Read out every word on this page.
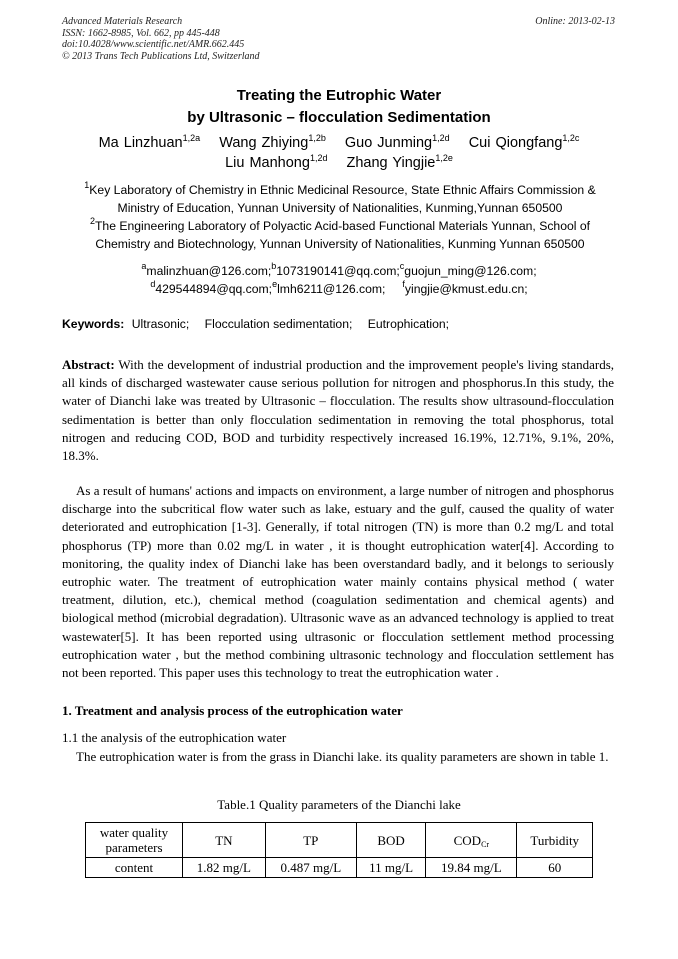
Advanced Materials Research
ISSN: 1662-8985, Vol. 662, pp 445-448
doi:10.4028/www.scientific.net/AMR.662.445
© 2013 Trans Tech Publications Ltd, Switzerland
Online: 2013-02-13
Treating the Eutrophic Water
by Ultrasonic – flocculation Sedimentation
Ma Linzhuan$^{1,2a}$ Wang Zhiying$^{1,2b}$ Guo Junming$^{1,2d}$ Cui Qiongfang$^{1,2c}$
Liu Manhong$^{1,2d}$ Zhang Yingjie$^{1,2e}$
$^1$Key Laboratory of Chemistry in Ethnic Medicinal Resource, State Ethnic Affairs Commission &
Ministry of Education, Yunnan University of Nationalities, Kunming,Yunnan 650500
$^2$The Engineering Laboratory of Polyactic Acid-based Functional Materials Yunnan, School of
Chemistry and Biotechnology, Yunnan University of Nationalities, Kunming Yunnan 650500
$^a$malinzhuan@126.com;$^b$1073190141@qq.com;$^c$guojun_ming@126.com;
$^d$429544894@qq.com;$^e$lmh6211@126.com; $^f$yingjie@kmust.edu.cn;
Keywords: Ultrasonic; Flocculation sedimentation; Eutrophication;
Abstract: With the development of industrial production and the improvement people's living standards, all kinds of discharged wastewater cause serious pollution for nitrogen and phosphorus.In this study, the water of Dianchi lake was treated by Ultrasonic – flocculation. The results show ultrasound-flocculation sedimentation is better than only flocculation sedimentation in removing the total phosphorus, total nitrogen and reducing COD, BOD and turbidity respectively increased 16.19%, 12.71%, 9.1%, 20%, 18.3%.
As a result of humans' actions and impacts on environment, a large number of nitrogen and phosphorus discharge into the subcritical flow water such as lake, estuary and the gulf, caused the quality of water deteriorated and eutrophication [1-3]. Generally, if total nitrogen (TN) is more than 0.2 mg/L and total phosphorus (TP) more than 0.02 mg/L in water , it is thought eutrophication water[4]. According to monitoring, the quality index of Dianchi lake has been overstandard badly, and it belongs to seriously eutrophic water. The treatment of eutrophication water mainly contains physical method ( water treatment, dilution, etc.), chemical method (coagulation sedimentation and chemical agents) and biological method (microbial degradation). Ultrasonic wave as an advanced technology is applied to treat wastewater[5]. It has been reported using ultrasonic or flocculation settlement method processing eutrophication water , but the method combining ultrasonic technology and flocculation settlement has not been reported. This paper uses this technology to treat the eutrophication water .
1. Treatment and analysis process of the eutrophication water
1.1 the analysis of the eutrophication water
The eutrophication water is from the grass in Dianchi lake. its quality parameters are shown in table 1.
Table.1 Quality parameters of the Dianchi lake
water quality
parameters	TN	TP	BOD	$COD_{Cr}$	Turbidity
content	1.82 mg/L	0.487 mg/L	11 mg/L	19.84 mg/L	60
